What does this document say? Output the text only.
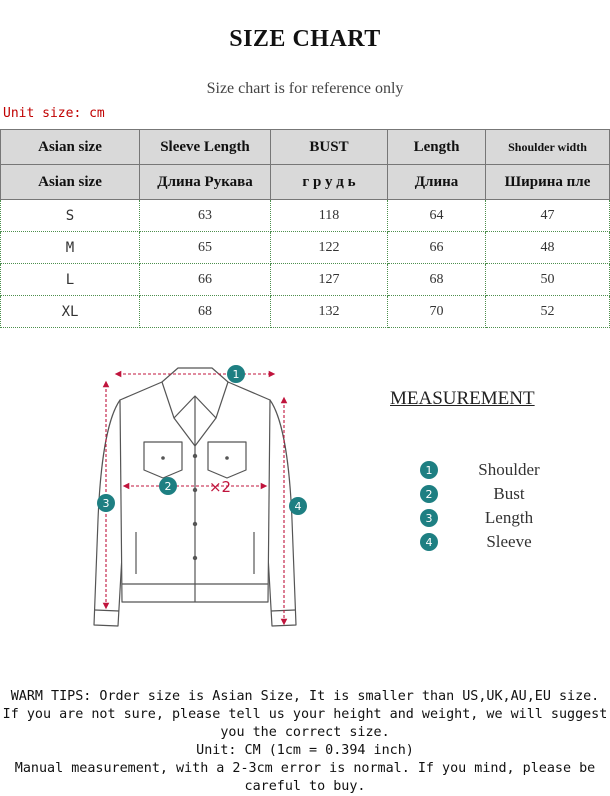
SIZE CHART
Size chart is for reference only
Unit size: cm
Asian size	Sleeve Length	BUST	Length	Shoulder width
Asian size	Длина Рукава	г р у д ь	Длина	Ширина пле
S	63	118	64	47
M	65	122	66	48
L	66	127	68	50
XL	68	132	70	52
1
2 ×2
3	4
MEASUREMENT
1	Shoulder
2	Bust
3	Length
4	Sleeve
WARM TIPS: Order size is Asian Size, It is smaller than US,UK,AU,EU size.
If you are not sure, please tell us your height and weight, we will suggest
you the correct size.
Unit: CM (1cm = 0.394 inch)
Manual measurement, with a 2-3cm error is normal. If you mind, please be
careful to buy.
